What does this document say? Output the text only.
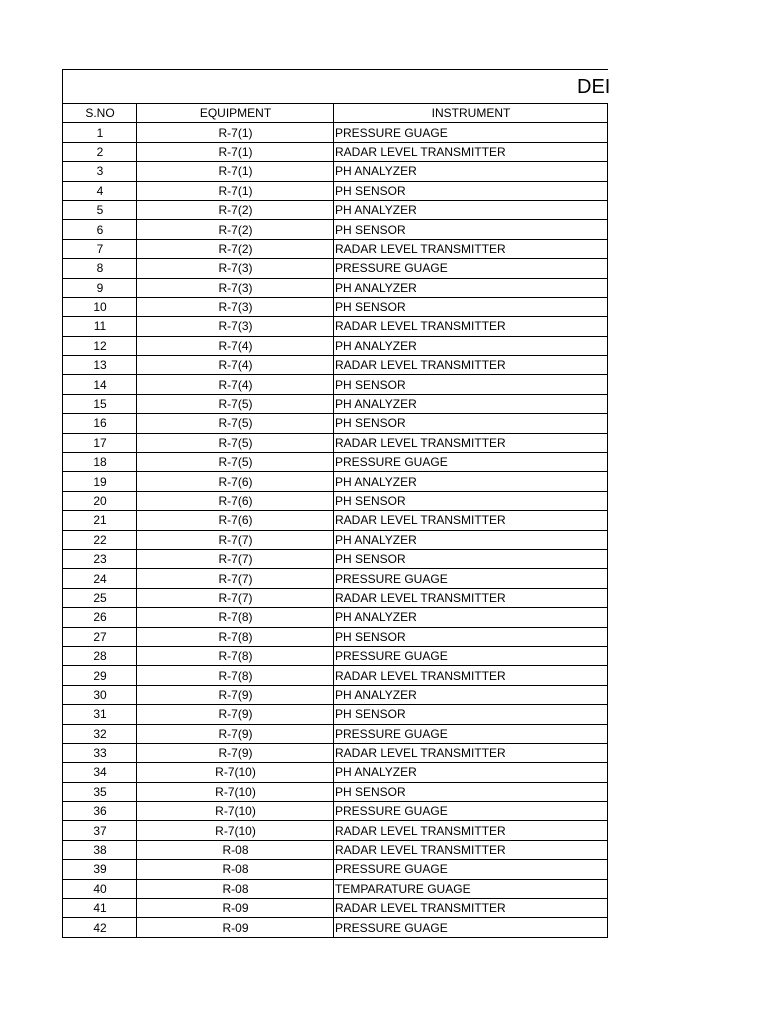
DEI
S.NO	EQUIPMENT	INSTRUMENT
1	R-7(1)	PRESSURE GUAGE
2	R-7(1)	RADAR LEVEL TRANSMITTER
3	R-7(1)	PH ANALYZER
4	R-7(1)	PH SENSOR
5	R-7(2)	PH ANALYZER
6	R-7(2)	PH SENSOR
7	R-7(2)	RADAR LEVEL TRANSMITTER
8	R-7(3)	PRESSURE GUAGE
9	R-7(3)	PH ANALYZER
10	R-7(3)	PH SENSOR
11	R-7(3)	RADAR LEVEL TRANSMITTER
12	R-7(4)	PH ANALYZER
13	R-7(4)	RADAR LEVEL TRANSMITTER
14	R-7(4)	PH SENSOR
15	R-7(5)	PH ANALYZER
16	R-7(5)	PH SENSOR
17	R-7(5)	RADAR LEVEL TRANSMITTER
18	R-7(5)	PRESSURE GUAGE
19	R-7(6)	PH ANALYZER
20	R-7(6)	PH SENSOR
21	R-7(6)	RADAR LEVEL TRANSMITTER
22	R-7(7)	PH ANALYZER
23	R-7(7)	PH SENSOR
24	R-7(7)	PRESSURE GUAGE
25	R-7(7)	RADAR LEVEL TRANSMITTER
26	R-7(8)	PH ANALYZER
27	R-7(8)	PH SENSOR
28	R-7(8)	PRESSURE GUAGE
29	R-7(8)	RADAR LEVEL TRANSMITTER
30	R-7(9)	PH ANALYZER
31	R-7(9)	PH SENSOR
32	R-7(9)	PRESSURE GUAGE
33	R-7(9)	RADAR LEVEL TRANSMITTER
34	R-7(10)	PH ANALYZER
35	R-7(10)	PH SENSOR
36	R-7(10)	PRESSURE GUAGE
37	R-7(10)	RADAR LEVEL TRANSMITTER
38	R-08	RADAR LEVEL TRANSMITTER
39	R-08	PRESSURE GUAGE
40	R-08	TEMPARATURE GUAGE
41	R-09	RADAR LEVEL TRANSMITTER
42	R-09	PRESSURE GUAGE
